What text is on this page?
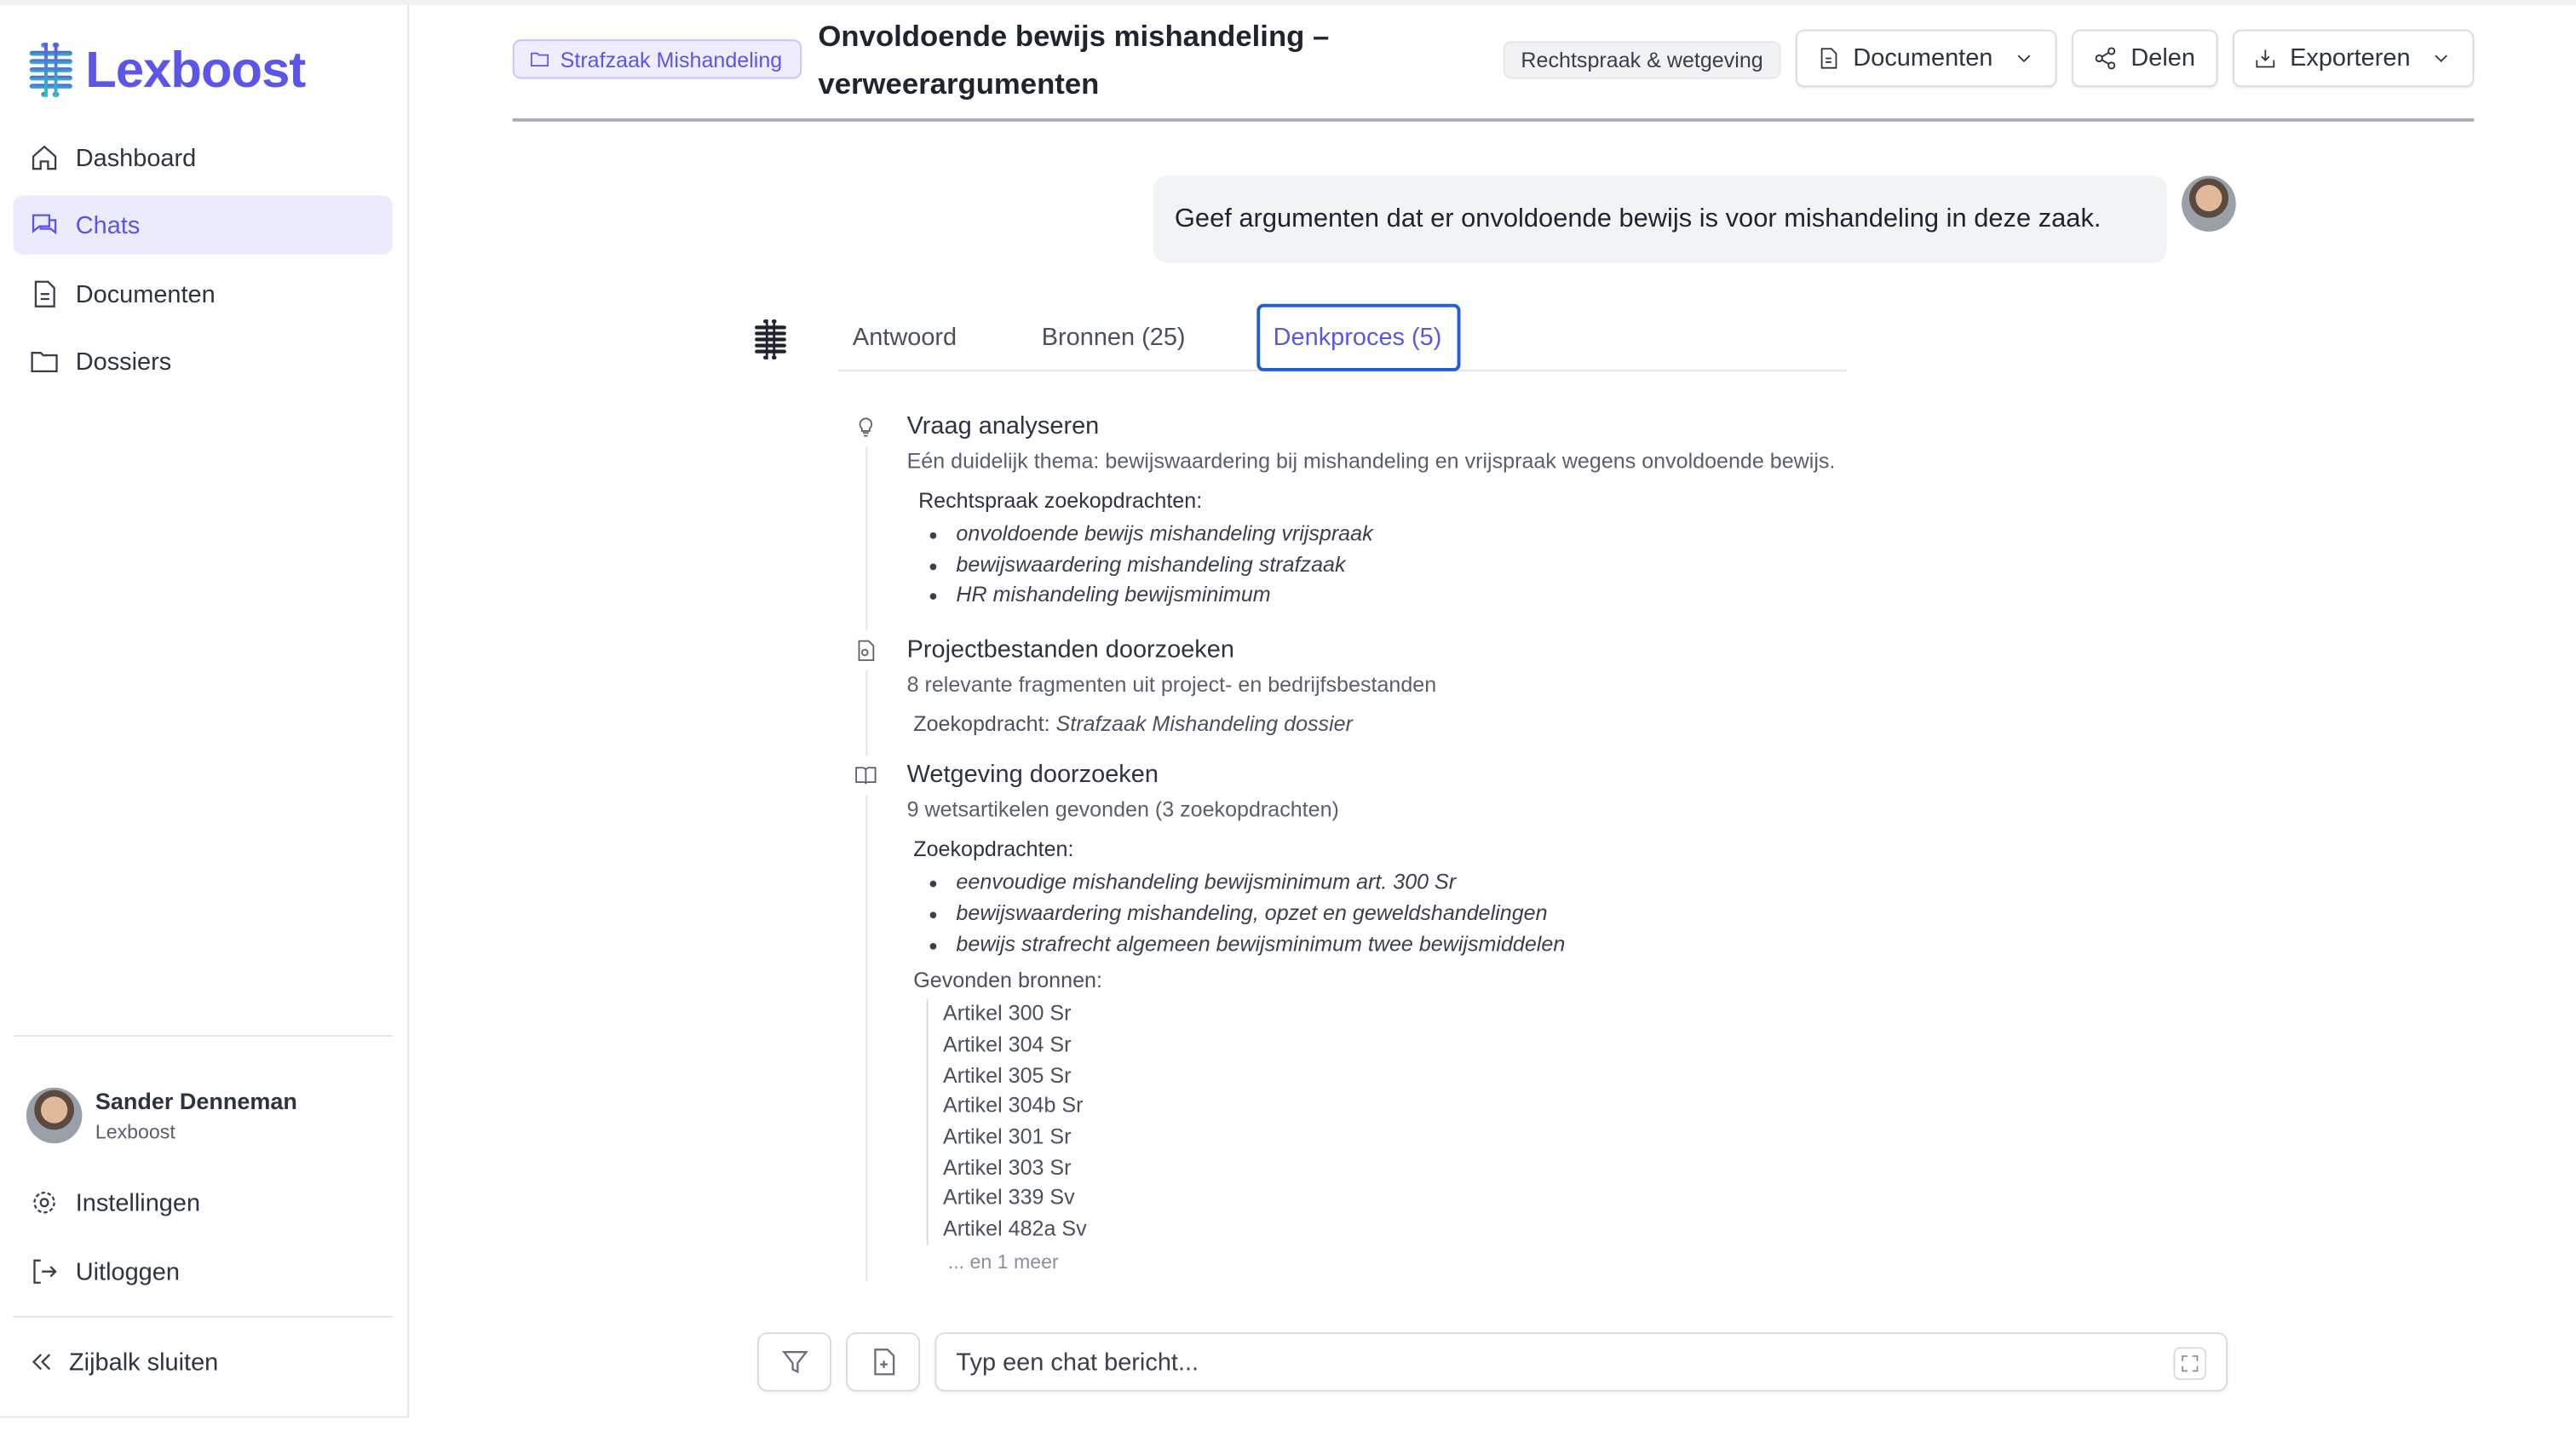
Lexboost
Dashboard
Chats
Documenten
Dossiers
Sander Denneman
Lexboost
Instellingen
Uitloggen
Zijbalk sluiten
Strafzaak Mishandeling
Onvoldoende bewijs mishandeling – verweerargumenten
Rechtspraak & wetgeving	Documenten	Delen	Exporteren
Geef argumenten dat er onvoldoende bewijs is voor mishandeling in deze zaak.
Antwoord	Bronnen (25)	Denkproces (5)
Vraag analyseren
Eén duidelijk thema: bewijswaardering bij mishandeling en vrijspraak wegens onvoldoende bewijs.
Rechtspraak zoekopdrachten:
onvoldoende bewijs mishandeling vrijspraak
bewijswaardering mishandeling strafzaak
HR mishandeling bewijsminimum
Projectbestanden doorzoeken
8 relevante fragmenten uit project- en bedrijfsbestanden
Zoekopdracht: Strafzaak Mishandeling dossier
Wetgeving doorzoeken
9 wetsartikelen gevonden (3 zoekopdrachten)
Zoekopdrachten:
eenvoudige mishandeling bewijsminimum art. 300 Sr
bewijswaardering mishandeling, opzet en geweldshandelingen
bewijs strafrecht algemeen bewijsminimum twee bewijsmiddelen
Gevonden bronnen:
Artikel 300 Sr
Artikel 304 Sr
Artikel 305 Sr
Artikel 304b Sr
Artikel 301 Sr
Artikel 303 Sr
Artikel 339 Sv
Artikel 482a Sv
... en 1 meer
Typ een chat bericht...
